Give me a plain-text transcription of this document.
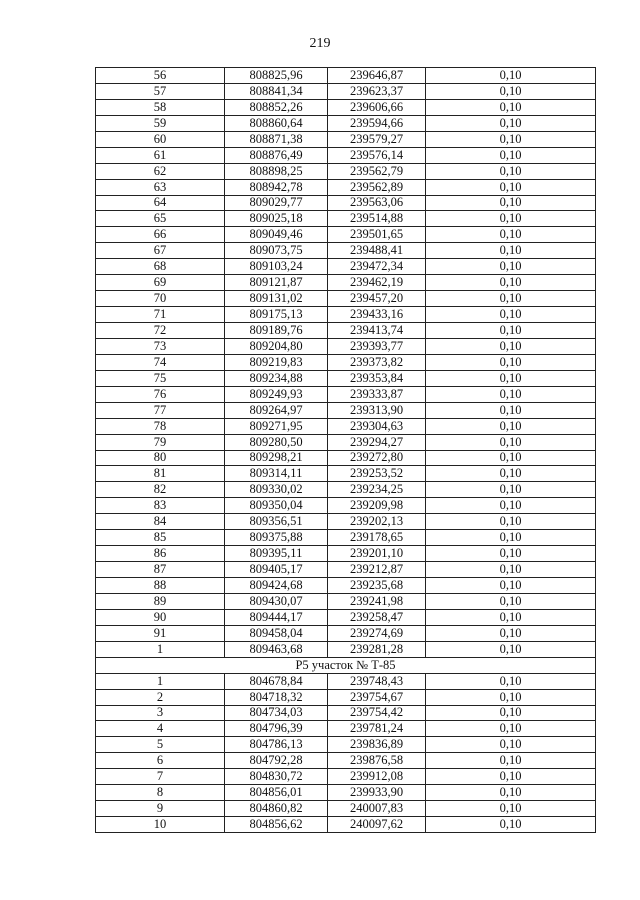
219
56	808825,96	239646,87	0,10
57	808841,34	239623,37	0,10
58	808852,26	239606,66	0,10
59	808860,64	239594,66	0,10
60	808871,38	239579,27	0,10
61	808876,49	239576,14	0,10
62	808898,25	239562,79	0,10
63	808942,78	239562,89	0,10
64	809029,77	239563,06	0,10
65	809025,18	239514,88	0,10
66	809049,46	239501,65	0,10
67	809073,75	239488,41	0,10
68	809103,24	239472,34	0,10
69	809121,87	239462,19	0,10
70	809131,02	239457,20	0,10
71	809175,13	239433,16	0,10
72	809189,76	239413,74	0,10
73	809204,80	239393,77	0,10
74	809219,83	239373,82	0,10
75	809234,88	239353,84	0,10
76	809249,93	239333,87	0,10
77	809264,97	239313,90	0,10
78	809271,95	239304,63	0,10
79	809280,50	239294,27	0,10
80	809298,21	239272,80	0,10
81	809314,11	239253,52	0,10
82	809330,02	239234,25	0,10
83	809350,04	239209,98	0,10
84	809356,51	239202,13	0,10
85	809375,88	239178,65	0,10
86	809395,11	239201,10	0,10
87	809405,17	239212,87	0,10
88	809424,68	239235,68	0,10
89	809430,07	239241,98	0,10
90	809444,17	239258,47	0,10
91	809458,04	239274,69	0,10
1	809463,68	239281,28	0,10
Р5 участок № Т-85			
1	804678,84	239748,43	0,10
2	804718,32	239754,67	0,10
3	804734,03	239754,42	0,10
4	804796,39	239781,24	0,10
5	804786,13	239836,89	0,10
6	804792,28	239876,58	0,10
7	804830,72	239912,08	0,10
8	804856,01	239933,90	0,10
9	804860,82	240007,83	0,10
10	804856,62	240097,62	0,10
